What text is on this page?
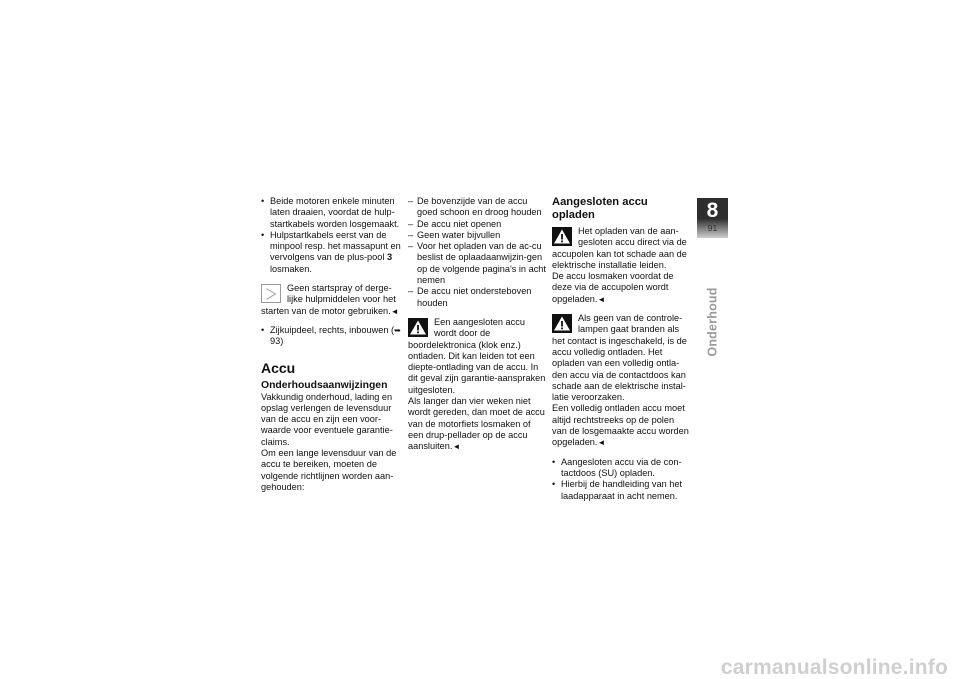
• Beide motoren enkele minuten laten draaien, voordat de hulp-startkabels worden losgemaakt.
• Hulpstartkabels eerst van de minpool resp. het massapunt en vervolgens van de plus-pool 3 losmaken.
Geen startspray of derge-lijke hulpmiddelen voor het starten van de motor gebruiken.◄
• Zijkuipdeel, rechts, inbouwen (➥ 93)
Accu
Onderhoudsaanwijzingen

Vakkundig onderhoud, lading en opslag verlengen de levensduur van de accu en zijn een voor-waarde voor eventuele garantie-claims.

Om een lange levensduur van de accu te bereiken, moeten de volgende richtlijnen worden aan-gehouden:

– De bovenzijde van de accu goed schoon en droog houden
– De accu niet openen
– Geen water bijvullen
– Voor het opladen van de ac-cu beslist de oplaadaanwijzin-gen op de volgende pagina's in acht nemen
– De accu niet ondersteboven houden
Een aangesloten accu wordt door de boordelektronica (klok enz.) ontladen. Dit kan leiden tot een diepte-ontlading van de accu. In dit geval zijn garantie-aanspraken uitgesloten.
Als langer dan vier weken niet wordt gereden, dan moet de accu van de motorfiets losmaken of een drup-pellader op de accu aansluiten.◄
Aangesloten accu opladen
Het opladen van de aan-gesloten accu direct via de accupolen kan tot schade aan de elektrische installatie leiden.
De accu losmaken voordat de deze via de accupolen wordt opgeladen.◄
Als geen van de controle-lampen gaat branden als het contact is ingeschakeld, is de accu volledig ontladen. Het opladen van een volledig ontla-den accu via de contactdoos kan schade aan de elektrische instal-latie veroorzaken.
Een volledig ontladen accu moet altijd rechtstreeks op de polen van de losgemaakte accu worden opgeladen.◄
• Aangesloten accu via de con-tactdoos (SU) opladen.
• Hierbij de handleiding van het laadapparaat in acht nemen.
8
91
Onderhoud
carmanualsonline.info
